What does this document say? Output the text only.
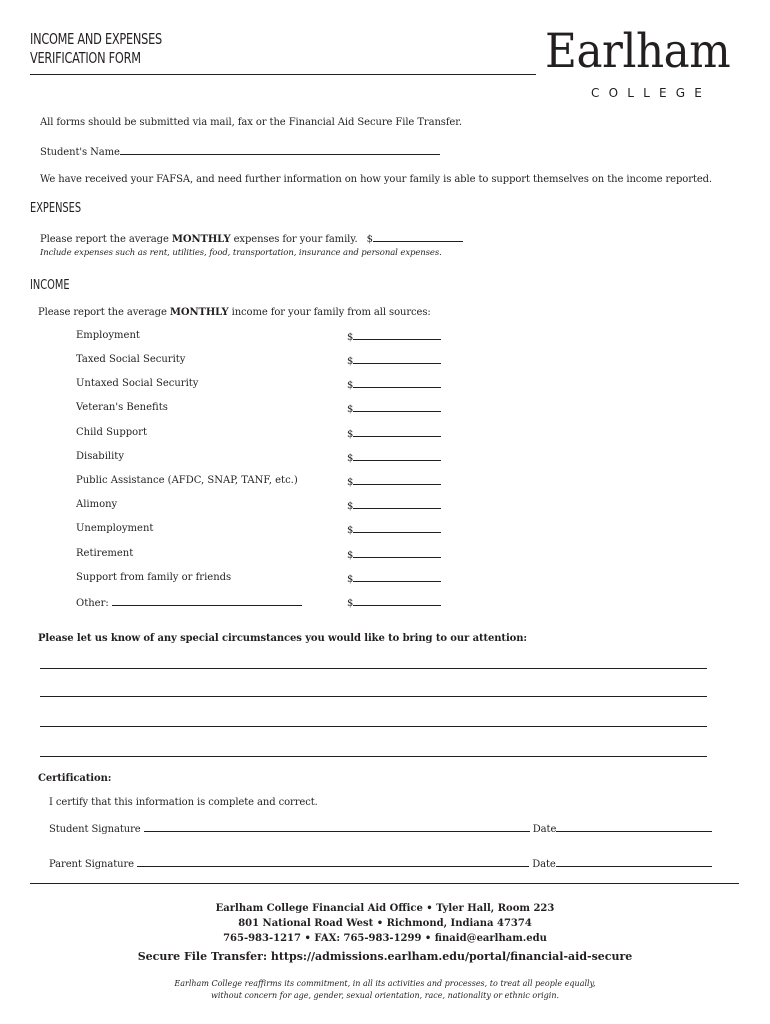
INCOME AND EXPENSES
VERIFICATION FORM	Earlham
COLLEGE
All forms should be submitted via mail, fax or the Financial Aid Secure File Transfer.
Student's Name
We have received your FAFSA, and need further information on how your family is able to support themselves on the income reported.
EXPENSES
Please report the average MONTHLY expenses for your family. $
Include expenses such as rent, utilities, food, transportation, insurance and personal expenses.
INCOME
Please report the average MONTHLY income for your family from all sources:
Employment	$
Taxed Social Security	$
Untaxed Social Security	$
Veteran's Benefits	$
Child Support	$
Disability	$
Public Assistance (AFDC, SNAP, TANF, etc.)	$
Alimony	$
Unemployment	$
Retirement	$
Support from family or friends	$
Other:	$
Please let us know of any special circumstances you would like to bring to our attention:
Certification:
I certify that this information is complete and correct.
Student Signature	Date
Parent Signature	Date
Earlham College Financial Aid Office • Tyler Hall, Room 223
801 National Road West • Richmond, Indiana 47374
765-983-1217 • FAX: 765-983-1299 • finaid@earlham.edu
Secure File Transfer: https://admissions.earlham.edu/portal/financial-aid-secure
Earlham College reaffirms its commitment, in all its activities and processes, to treat all people equally,
without concern for age, gender, sexual orientation, race, nationality or ethnic origin.
